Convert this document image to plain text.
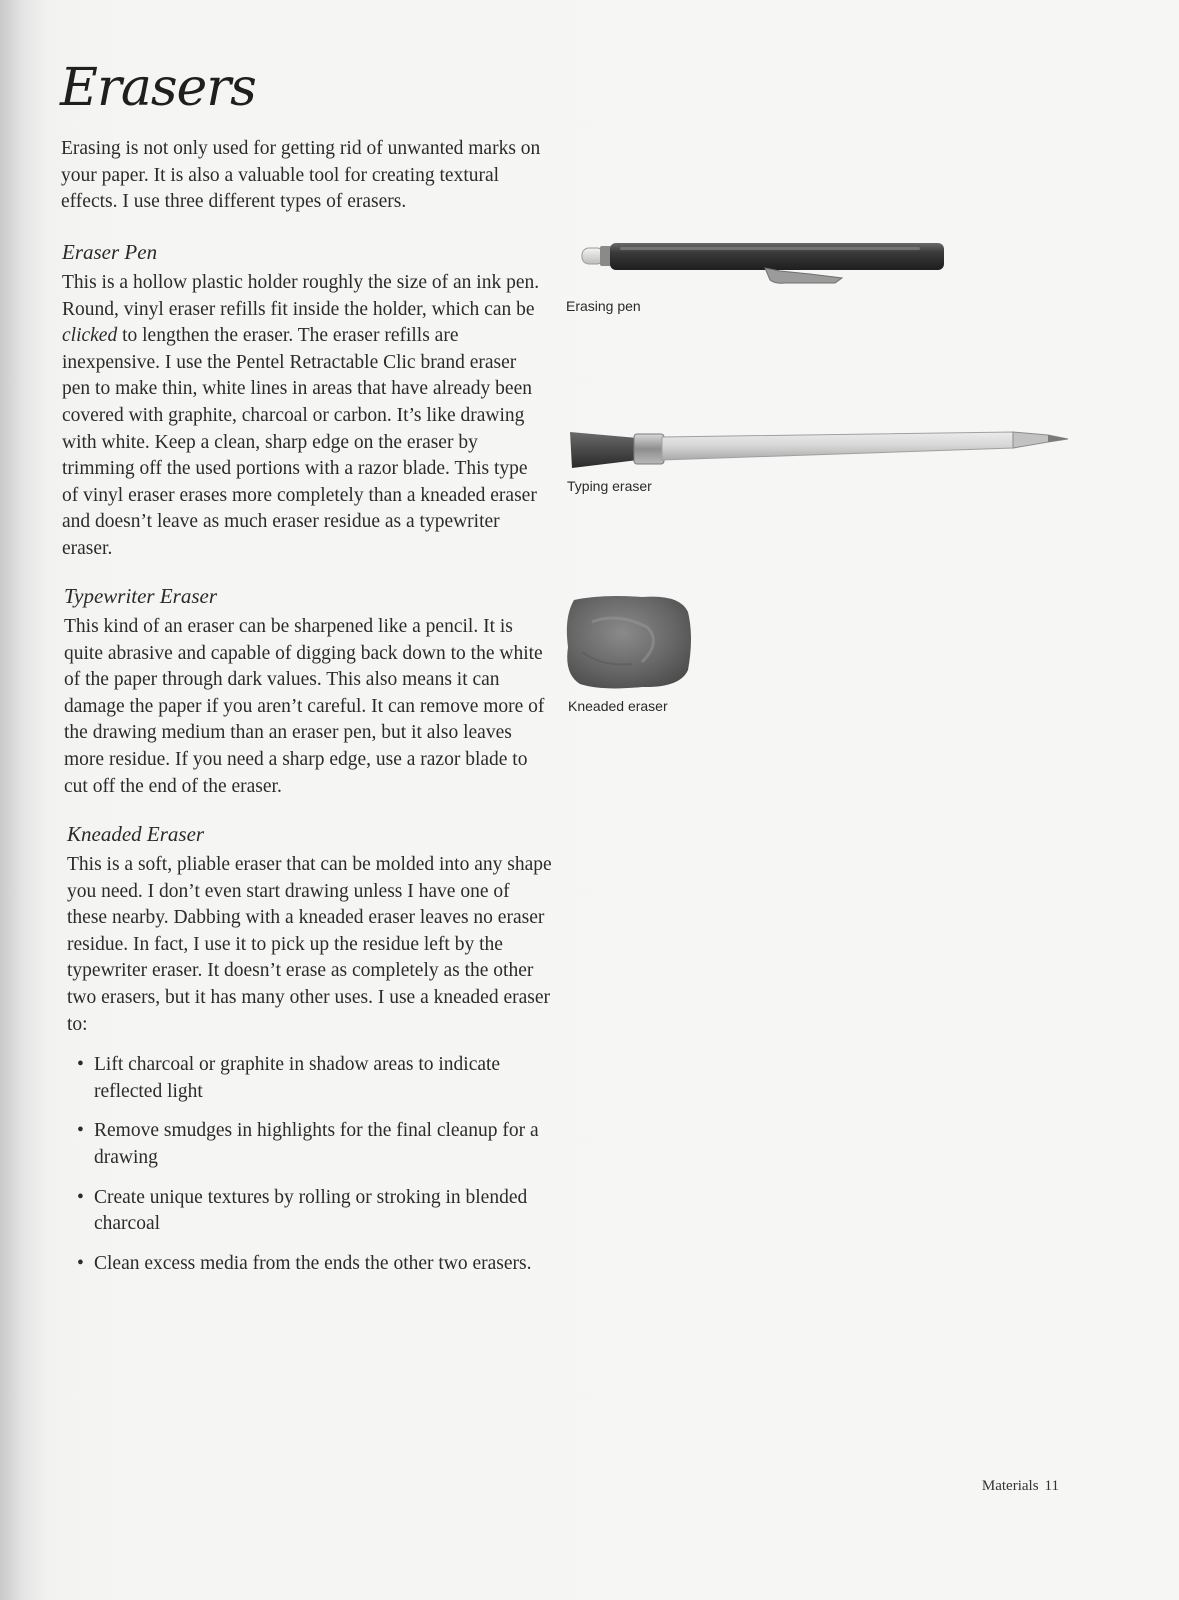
Erasers

Erasing is not only used for getting rid of unwanted marks on your paper. It is also a valuable tool for creating textural effects. I use three different types of erasers.

Eraser Pen

This is a hollow plastic holder roughly the size of an ink pen. Round, vinyl eraser refills fit inside the holder, which can be clicked to lengthen the eraser. The eraser refills are inexpensive. I use the Pentel Retractable Clic brand eraser pen to make thin, white lines in areas that have already been covered with graphite, charcoal or carbon. It’s like drawing with white. Keep a clean, sharp edge on the eraser by trimming off the used portions with a razor blade. This type of vinyl eraser erases more completely than a kneaded eraser and doesn’t leave as much eraser residue as a typewriter eraser.

Typewriter Eraser

This kind of an eraser can be sharpened like a pencil. It is quite abrasive and capable of digging back down to the white of the paper through dark values. This also means it can damage the paper if you aren’t careful. It can remove more of the drawing medium than an eraser pen, but it also leaves more residue. If you need a sharp edge, use a razor blade to cut off the end of the eraser.

Kneaded Eraser

This is a soft, pliable eraser that can be molded into any shape you need. I don’t even start drawing unless I have one of these nearby. Dabbing with a kneaded eraser leaves no eraser residue. In fact, I use it to pick up the residue left by the typewriter eraser. It doesn’t erase as completely as the other two erasers, but it has many other uses. I use a kneaded eraser to:

• Lift charcoal or graphite in shadow areas to indicate reflected light
• Remove smudges in highlights for the final cleanup for a drawing
• Create unique textures by rolling or stroking in blended charcoal
• Clean excess media from the ends the other two erasers.

Erasing pen

Typing eraser

Kneaded eraser

Materials 11
